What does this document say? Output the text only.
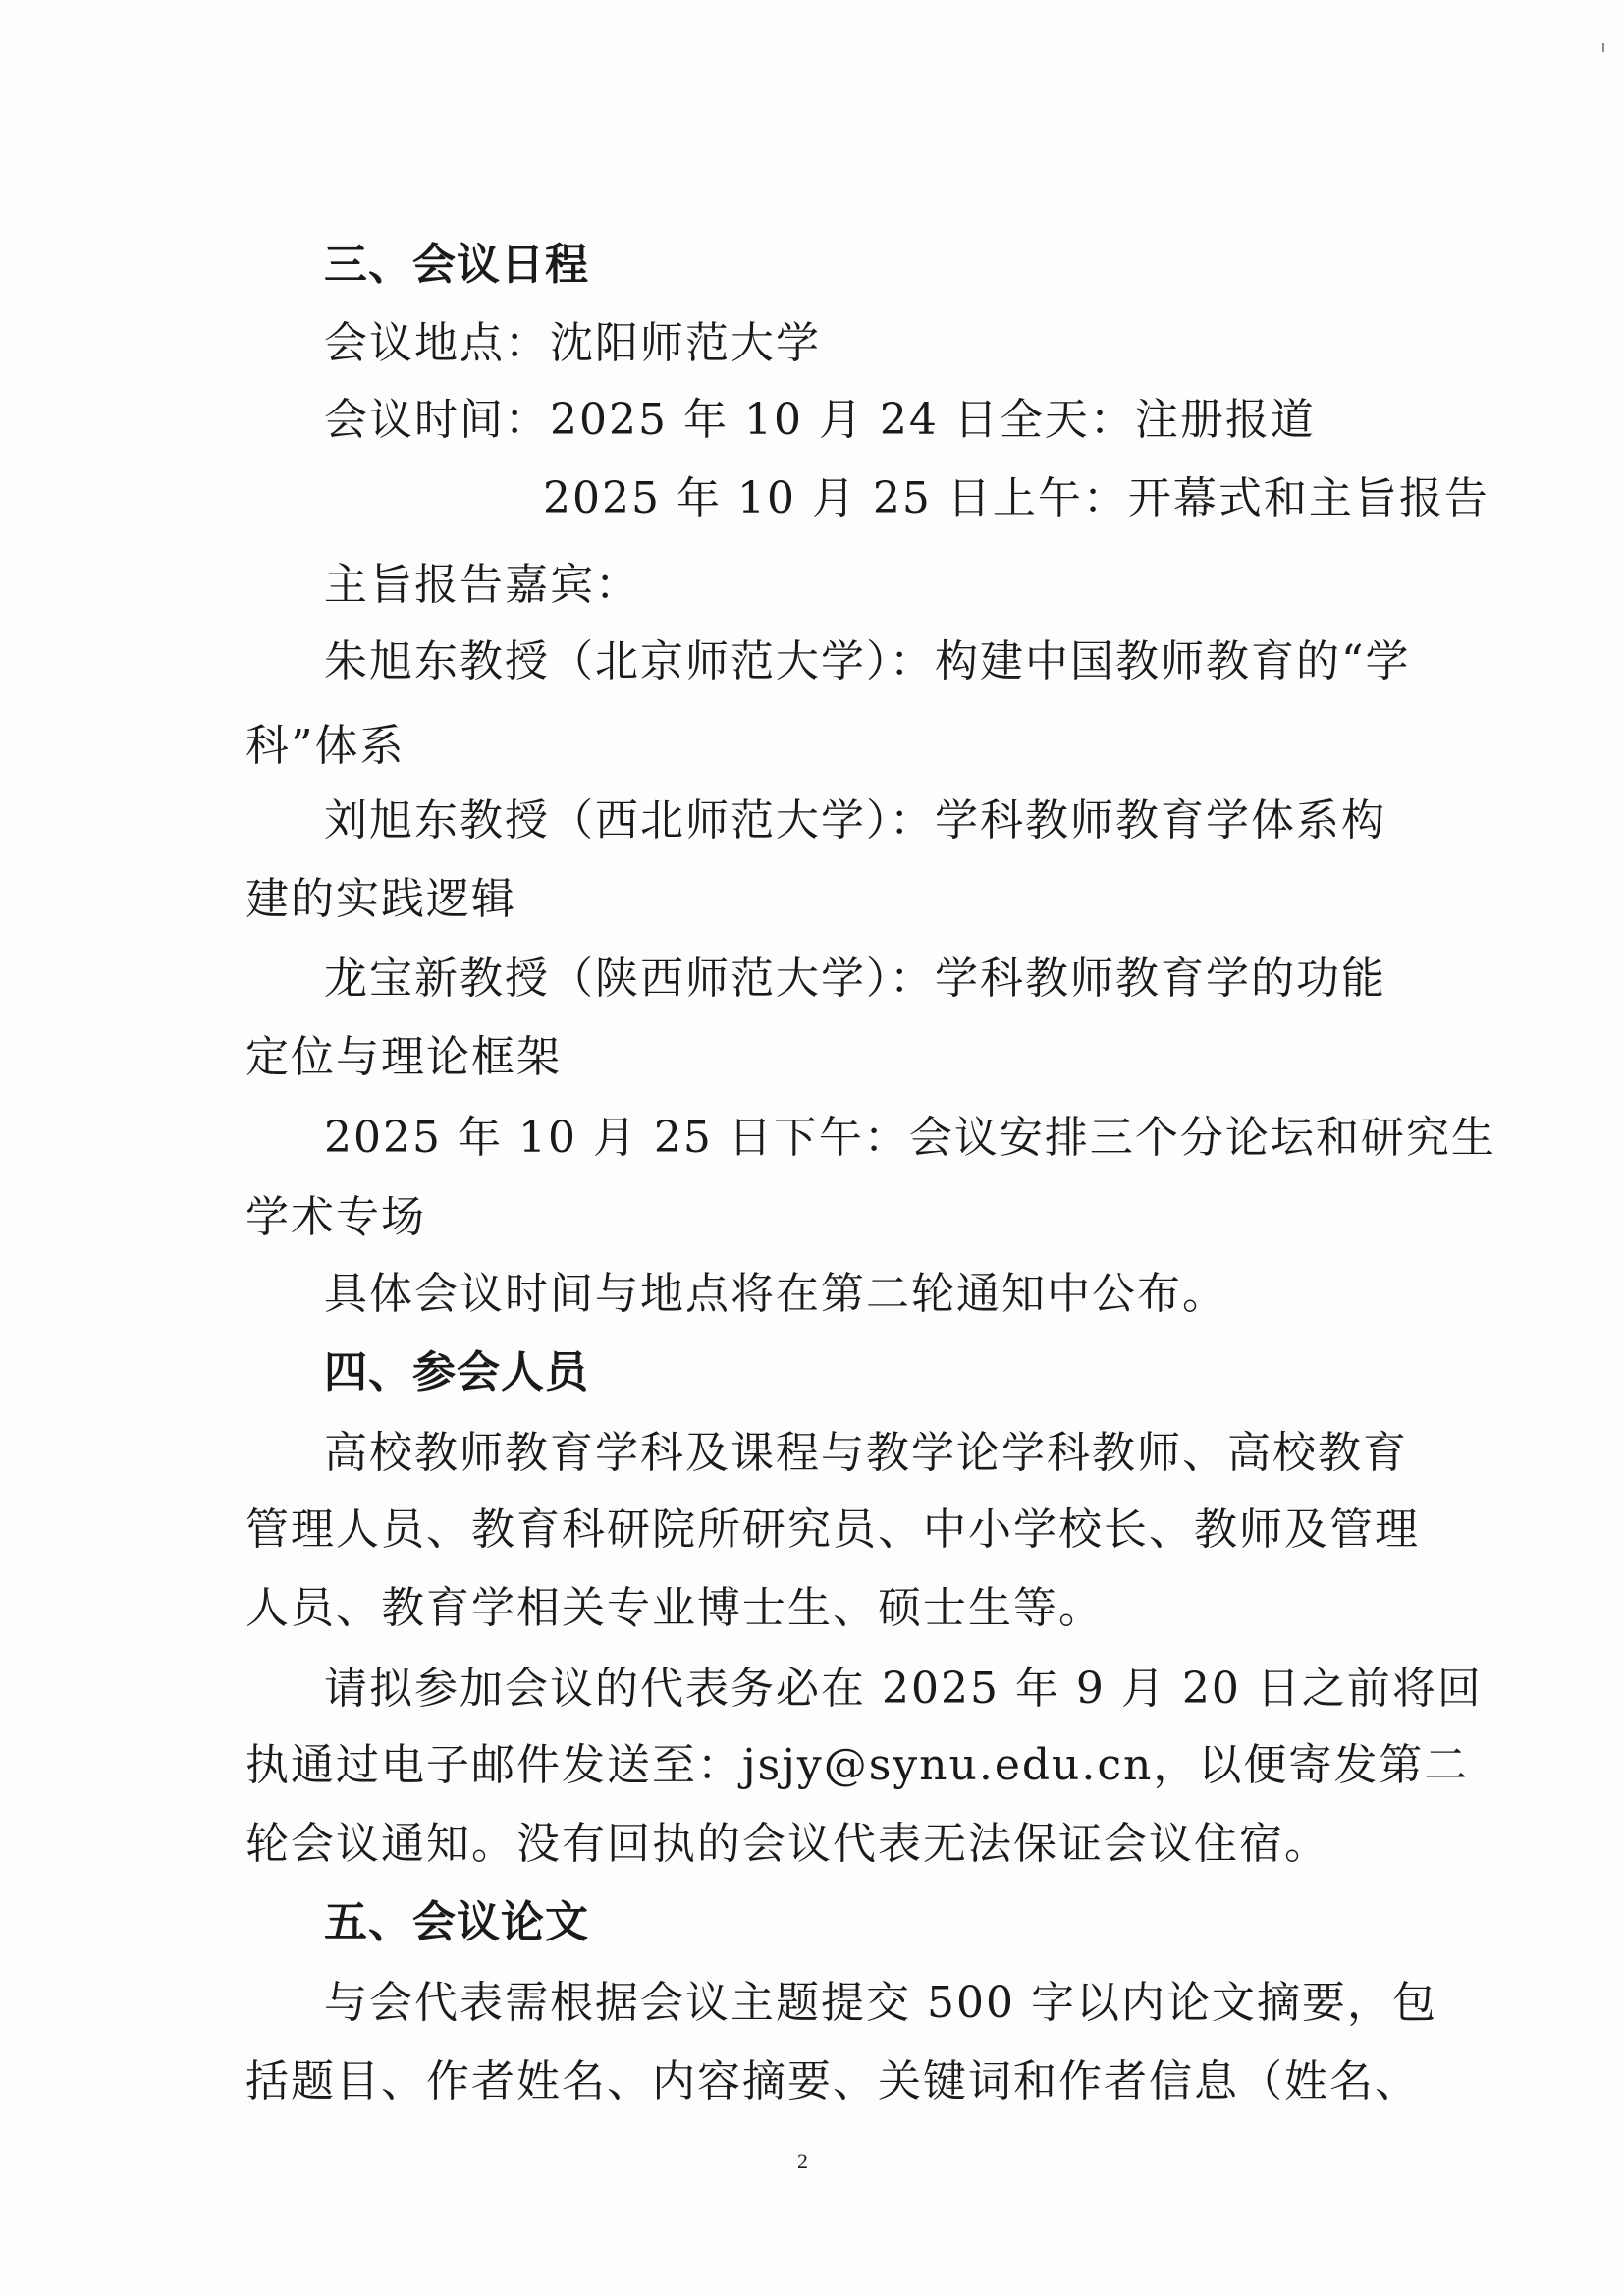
三、会议日程

会议地点：沈阳师范大学

会议时间：2025 年 10 月 24 日全天：注册报道

2025 年 10 月 25 日上午：开幕式和主旨报告

主旨报告嘉宾：

朱旭东教授（北京师范大学）：构建中国教师教育的“学

科”体系

刘旭东教授（西北师范大学）：学科教师教育学体系构

建的实践逻辑

龙宝新教授（陕西师范大学）：学科教师教育学的功能

定位与理论框架

2025 年 10 月 25 日下午：会议安排三个分论坛和研究生

学术专场

具体会议时间与地点将在第二轮通知中公布。

四、参会人员

高校教师教育学科及课程与教学论学科教师、高校教育

管理人员、教育科研院所研究员、中小学校长、教师及管理

人员、教育学相关专业博士生、硕士生等。

请拟参加会议的代表务必在 2025 年 9 月 20 日之前将回

执通过电子邮件发送至：jsjy@synu.edu.cn，以便寄发第二

轮会议通知。没有回执的会议代表无法保证会议住宿。

五、会议论文

与会代表需根据会议主题提交 500 字以内论文摘要，包

括题目、作者姓名、内容摘要、关键词和作者信息（姓名、

2
